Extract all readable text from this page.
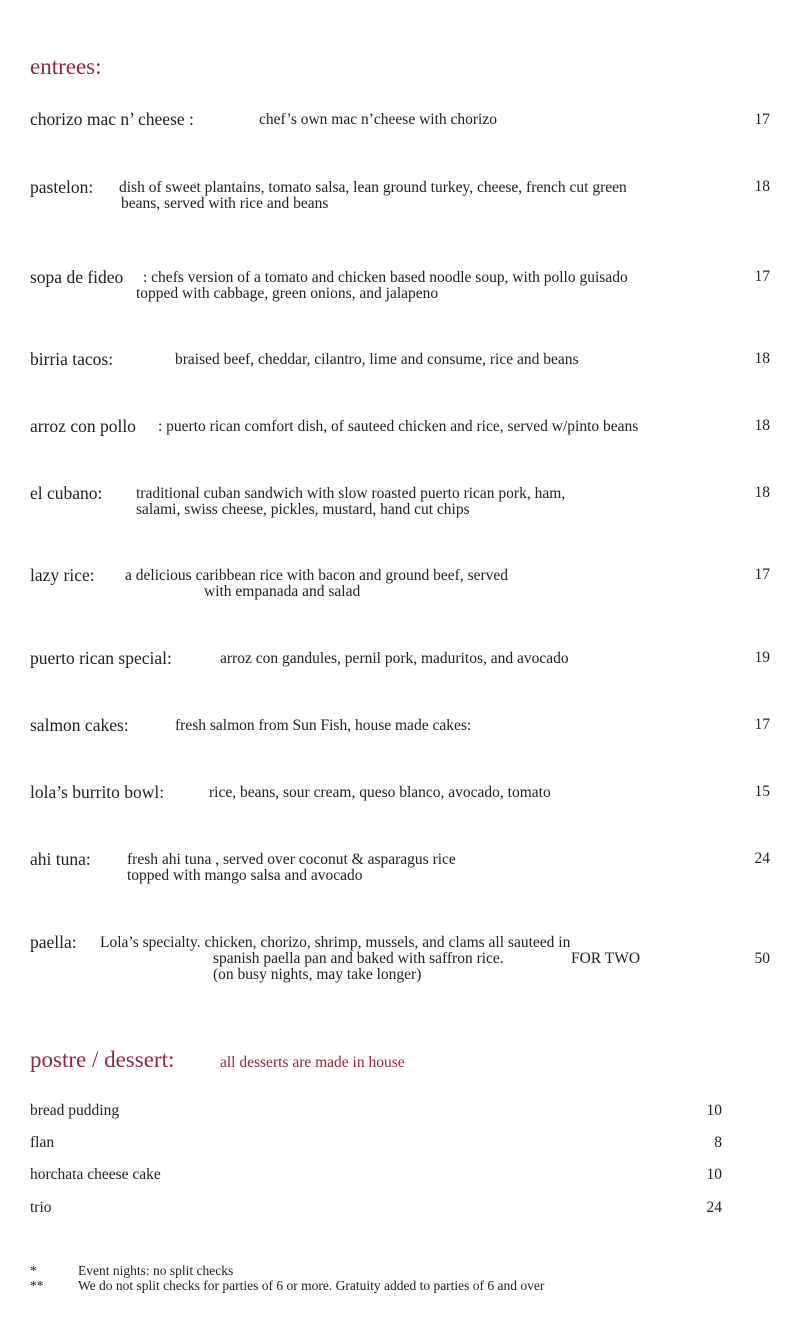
entrees:
chorizo mac n’ cheese :	chef’s own mac n’cheese with chorizo	17
pastelon: dish of sweet plantains, tomato salsa, lean ground turkey, cheese, french cut green
beans, served with rice and beans
18
sopa de fideo : chefs version of a tomato and chicken based noodle soup, with pollo guisado
topped with cabbage, green onions, and jalapeno
17
birria tacos:	braised beef, cheddar, cilantro, lime and consume, rice and beans	18
arroz con pollo : puerto rican comfort dish, of sauteed chicken and rice, served w/pinto beans	18
el cubano: traditional cuban sandwich with slow roasted puerto rican pork, ham,
salami, swiss cheese, pickles, mustard, hand cut chips
18
lazy rice: a delicious caribbean rice with bacon and ground beef, served
with empanada and salad
17
puerto rican special:	arroz con gandules, pernil pork, maduritos, and avocado	19
salmon cakes:	fresh salmon from Sun Fish, house made cakes:	17
lola’s burrito bowl:	rice, beans, sour cream, queso blanco, avocado, tomato	15
ahi tuna: fresh ahi tuna , served over coconut & asparagus rice
topped with mango salsa and avocado
24
paella: Lola’s specialty. chicken, chorizo, shrimp, mussels, and clams all sauteed in
spanish paella pan and baked with saffron rice.	FOR TWO
(on busy nights, may take longer)
50
postre / dessert:	all desserts are made in house
bread pudding	10
flan	8
horchata cheese cake	10
trio	24
*	Event nights: no split checks
**	We do not split checks for parties of 6 or more. Gratuity added to parties of 6 and over
